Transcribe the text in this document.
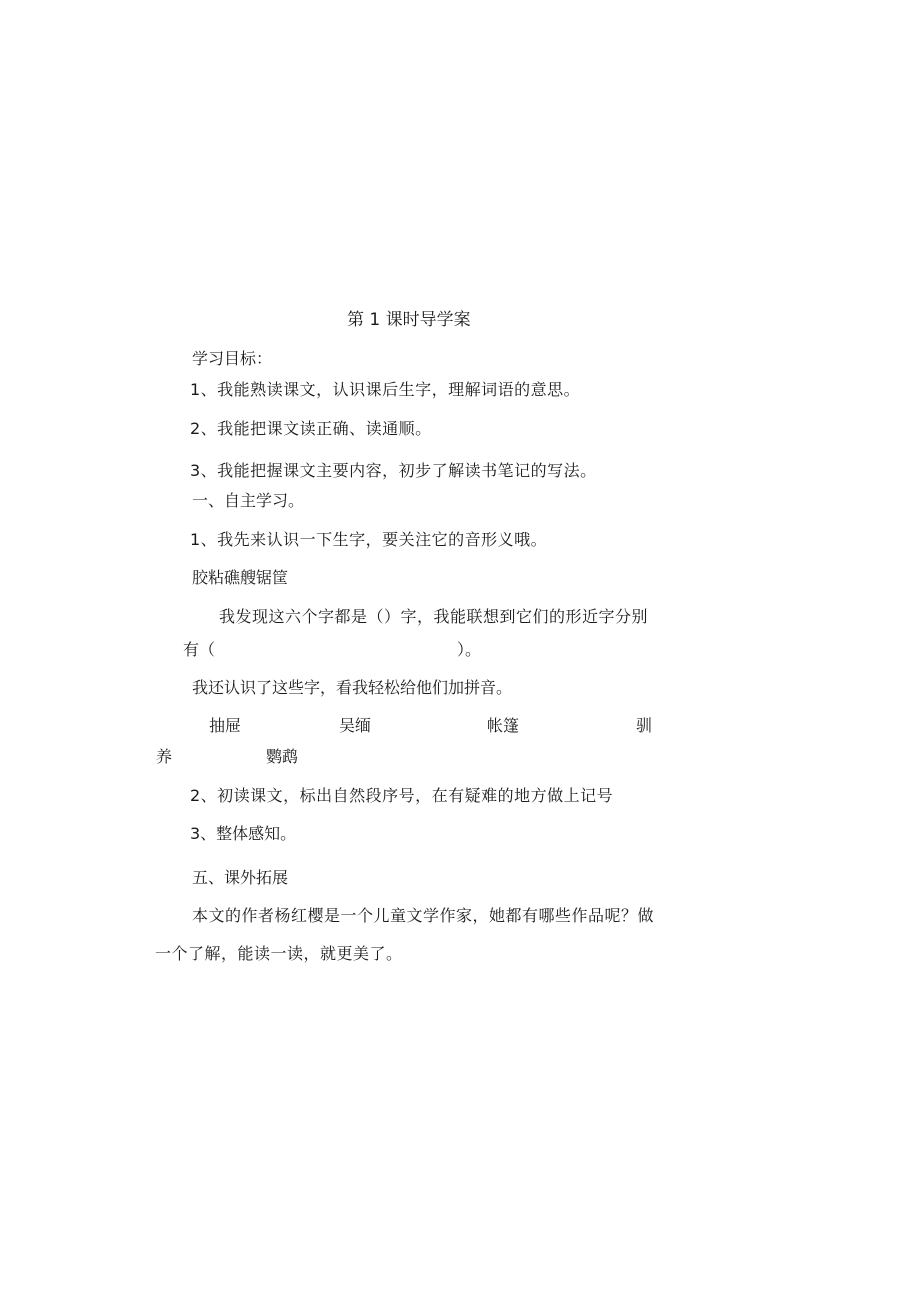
第 1 课时导学案
学习目标：
1、我能熟读课文，认识课后生字，理解词语的意思。
2、我能把课文读正确、读通顺。
3、我能把握课文主要内容，初步了解读书笔记的写法。
一、自主学习。
1、我先来认识一下生字，要关注它的音形义哦。
胶粘礁艘锯筐
我发现这六个字都是（）字，我能联想到它们的形近字分别
有（	）。
我还认识了这些字，看我轻松给他们加拼音。
抽屉	吴缅	帐篷	驯
养	鹦鹉
2、初读课文，标出自然段序号，在有疑难的地方做上记号
3、整体感知。
五、课外拓展
本文的作者杨红樱是一个儿童文学作家，她都有哪些作品呢？做
一个了解，能读一读，就更美了。
